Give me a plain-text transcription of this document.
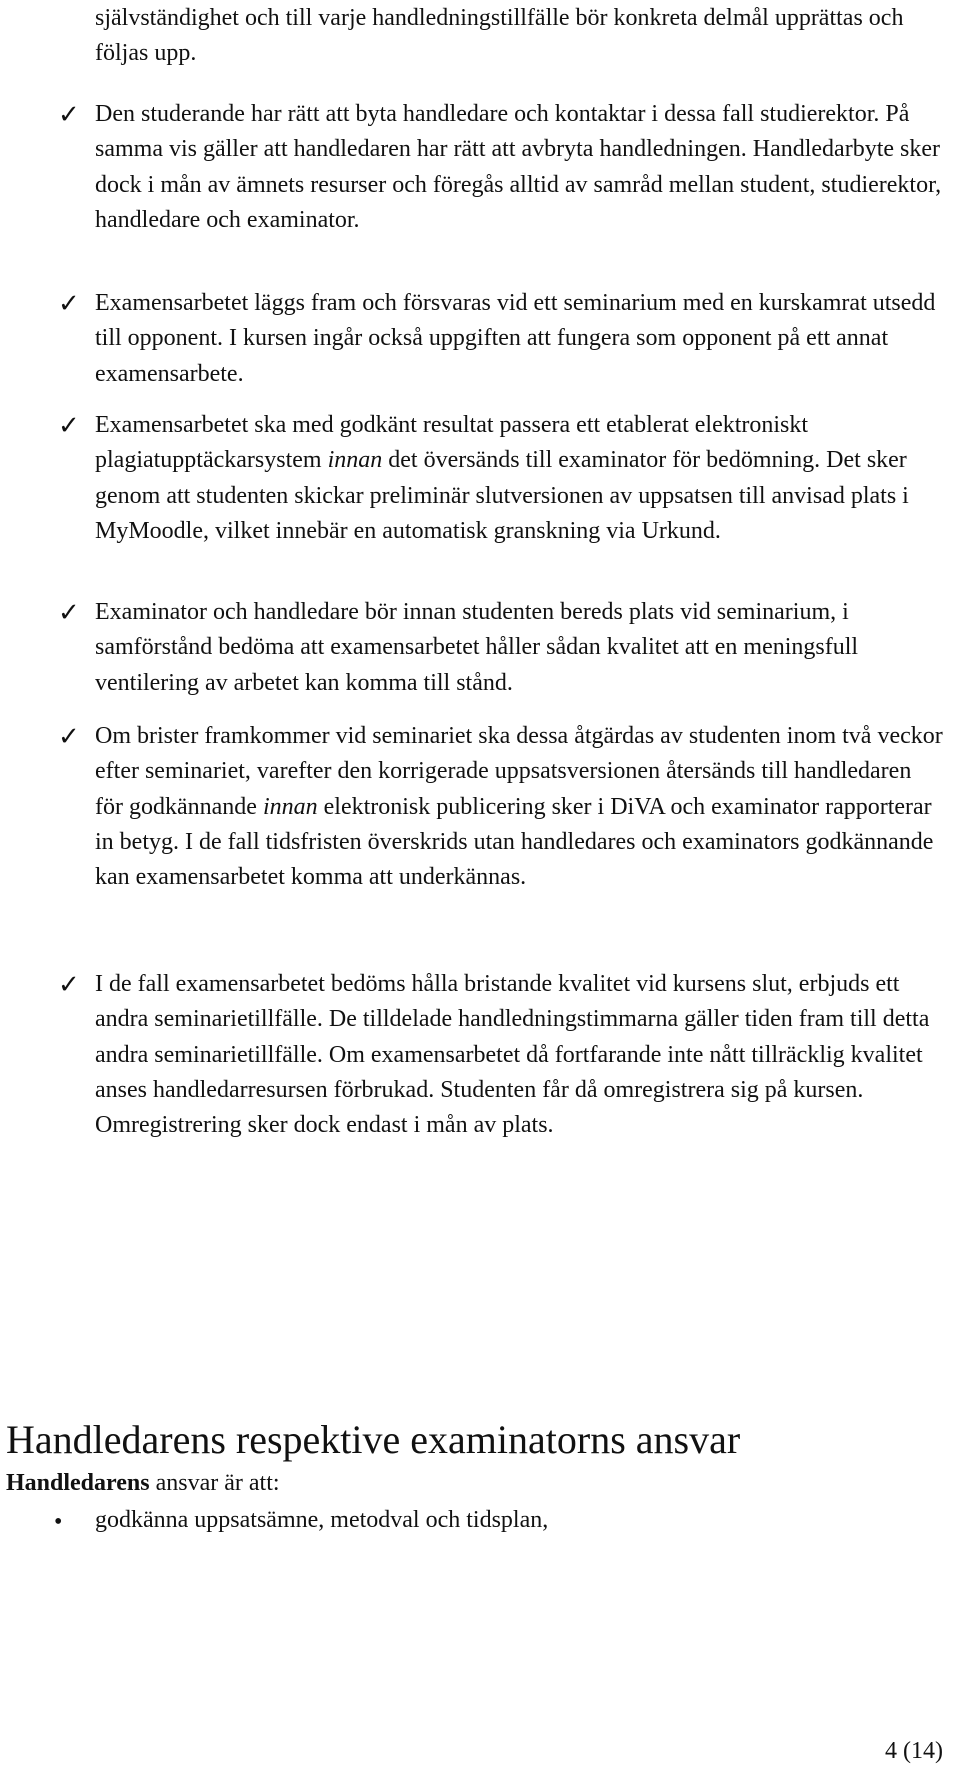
självständighet och till varje handledningstillfälle bör konkreta delmål upprättas och följas upp.

✓ Den studerande har rätt att byta handledare och kontaktar i dessa fall studierektor. På samma vis gäller att handledaren har rätt att avbryta handledningen. Handledarbyte sker dock i mån av ämnets resurser och föregås alltid av samråd mellan student, studierektor, handledare och examinator.

✓ Examensarbetet läggs fram och försvaras vid ett seminarium med en kurskamrat utsedd till opponent. I kursen ingår också uppgiften att fungera som opponent på ett annat examensarbete.

✓ Examensarbetet ska med godkänt resultat passera ett etablerat elektroniskt plagiatupptäckarsystem innan det översänds till examinator för bedömning. Det sker genom att studenten skickar preliminär slutversionen av uppsatsen till anvisad plats i MyMoodle, vilket innebär en automatisk granskning via Urkund.

✓ Examinator och handledare bör innan studenten bereds plats vid seminarium, i samförstånd bedöma att examensarbetet håller sådan kvalitet att en meningsfull ventilering av arbetet kan komma till stånd.

✓ Om brister framkommer vid seminariet ska dessa åtgärdas av studenten inom två veckor efter seminariet, varefter den korrigerade uppsatsversionen återsänds till handledaren för godkännande innan elektronisk publicering sker i DiVA och examinator rapporterar in betyg. I de fall tidsfristen överskrids utan handledares och examinators godkännande kan examensarbetet komma att underkännas.

✓ I de fall examensarbetet bedöms hålla bristande kvalitet vid kursens slut, erbjuds ett andra seminarietillfälle. De tilldelade handledningstimmarna gäller tiden fram till detta andra seminarietillfälle. Om examensarbetet då fortfarande inte nått tillräcklig kvalitet anses handledarresursen förbrukad. Studenten får då omregistrera sig på kursen. Omregistrering sker dock endast i mån av plats.

Handledarens respektive examinatorns ansvar

Handledarens ansvar är att:

• godkänna uppsatsämne, metodval och tidsplan,

4 (14)
